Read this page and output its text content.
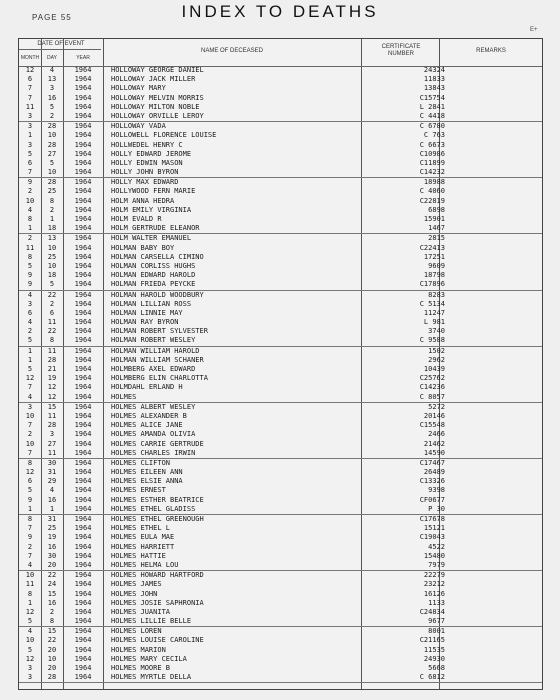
PAGE 55	INDEX TO DEATHS
E+
DATE OF EVENT
MONTH	DAY	YEAR
NAME OF DECEASED
CERTIFICATE NUMBER	REMARKS
12	4	1964	HOLLOWAY GEORGE DANIEL	24324
6	13	1964	HOLLOWAY JACK MILLER	11833
7	3	1964	HOLLOWAY MARY	13843
7	16	1964	HOLLOWAY MELVIN MORRIS	C15754
11	5	1964	HOLLOWAY MILTON NOBLE	L 2841
3	2	1964	HOLLOWAY ORVILLE LEROY	C 4418
3	28	1964	HOLLOWAY VADA	C 6780
1	10	1964	HOLLOWELL FLORENCE LOUISE	C 763
3	28	1964	HOLLWEDEL HENRY C	C 6673
5	27	1964	HOLLY EDWARD JEROME	C10986
6	5	1964	HOLLY EDWIN MASON	C11899
7	10	1964	HOLLY JOHN BYRON	C14232
9	28	1964	HOLLY MAX EDWARD	18988
2	25	1964	HOLLYWOOD FERN MARIE	C 4060
10	8	1964	HOLM ANNA HEDRA	C22819
4	2	1964	HOLM EMILY VIRGINIA	6898
8	1	1964	HOLM EVALD R	15901
1	18	1964	HOLM GERTRUDE ELEANOR	1467
2	13	1964	HOLM WALTER EMANUEL	2815
11	10	1964	HOLMAN BABY BOY	C22413
8	25	1964	HOLMAN CARSELLA CIMINO	17251
5	10	1964	HOLMAN CORLISS HUGHS	9609
9	18	1964	HOLMAN EDWARD HAROLD	18798
9	5	1964	HOLMAN FRIEDA PEYCKE	C17896
4	22	1964	HOLMAN HAROLD WOODBURY	8283
3	2	1964	HOLMAN LILLIAN ROSS	C 5134
6	6	1964	HOLMAN LINNIE MAY	11247
4	11	1964	HOLMAN RAY BYRON	L 981
2	22	1964	HOLMAN ROBERT SYLVESTER	3740
5	8	1964	HOLMAN ROBERT WESLEY	C 9588
1	11	1964	HOLMAN WILLIAM HAROLD	1502
1	28	1964	HOLMAN WILLIAM SCHANER	2962
5	21	1964	HOLMBERG AXEL EDWARD	10439
12	19	1964	HOLMBERG ELIN CHARLOTTA	C25762
7	12	1964	HOLMDAHL ERLAND H	C14236
4	12	1964	HOLMES	C 8057
3	15	1964	HOLMES ALBERT WESLEY	5272
10	11	1964	HOLMES ALEXANDER B	20146
7	28	1964	HOLMES ALICE JANE	C15548
2	3	1964	HOLMES AMANDA OLIVIA	2466
10	27	1964	HOLMES CARRIE GERTRUDE	21462
7	11	1964	HOLMES CHARLES IRWIN	14590
8	30	1964	HOLMES CLIFTON	C17467
12	31	1964	HOLMES EILEEN ANN	26489
6	29	1964	HOLMES ELSIE ANNA	C13326
5	4	1964	HOLMES ERNEST	9398
9	16	1964	HOLMES ESTHER BEATRICE	CF0677
1	1	1964	HOLMES ETHEL GLADISS	P 30
8	31	1964	HOLMES ETHEL GREENOUGH	C17678
7	25	1964	HOLMES ETHEL L	15121
9	19	1964	HOLMES EULA MAE	C19043
2	16	1964	HOLMES HARRIETT	4522
7	30	1964	HOLMES HATTIE	15480
4	20	1964	HOLMES HELMA LOU	7979
10	22	1964	HOLMES HOWARD HARTFORD	22279
11	24	1964	HOLMES JAMES	23212
8	15	1964	HOLMES JOHN	16126
1	16	1964	HOLMES JOSIE SAPHRONIA	1133
12	2	1964	HOLMES JUANITA	C24834
5	8	1964	HOLMES LILLIE BELLE	9677
4	15	1964	HOLMES LOREN	8001
10	22	1964	HOLMES LOUISE CAROLINE	C21165
5	20	1964	HOLMES MARION	11535
12	10	1964	HOLMES MARY CECILA	24930
3	20	1964	HOLMES MOORE B	5668
3	28	1964	HOLMES MYRTLE DELLA	C 6812
